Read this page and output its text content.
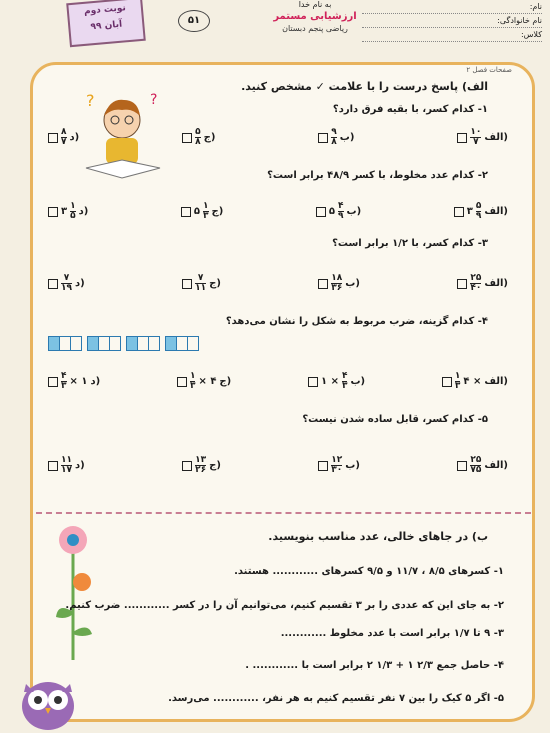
نوبت دوم
آبان ۹۹	۵۱
به نام خدا
ارزشیابی مستمر
ریاضی پنجم دبستان
نام:
نام خانوادگی:
کلاس:
صفحات فصل ۲
?	?
الف) پاسخ درست را با علامت ✓ مشخص کنید.
۱- کدام کسر، با بقیه فرق دارد؟
الف)
$\frac{۱۰}{۷}$
ب)
$\frac{۹}{۸}$
ج)
$\frac{۵}{۸}$
د)
$\frac{۸}{۷}$
۲- کدام عدد مخلوط، با کسر ۴۸/۹ برابر است؟
الف)
$\frac{۵}{۹}$
۳
ب)
$\frac{۴}{۹}$
۵
ج)
$\frac{۱}{۳}$
۵
د)
$\frac{۱}{۵}$
۳
۳- کدام کسر، با ۱/۲ برابر است؟
الف)
$\frac{۲۵}{۴۰}$
ب)
$\frac{۱۸}{۳۶}$
ج)
$\frac{۷}{۱۱}$
د)
$\frac{۷}{۱۹}$
۴- کدام گزینه، ضرب مربوط به شکل را نشان می‌دهد؟
الف)
۴ ×
$\frac{۱}{۳}$
ب)
$\frac{۴}{۳}$
۱ ×
ج)
× ۴
$\frac{۱}{۳}$
د)
× ۱
$\frac{۴}{۳}$
۵- کدام کسر، قابل ساده شدن نیست؟
الف)
$\frac{۲۵}{۷۵}$
ب)
$\frac{۱۲}{۳۰}$
ج)
$\frac{۱۳}{۲۶}$
د)
$\frac{۱۱}{۱۷}$
ب) در جاهای خالی، عدد مناسب بنویسید.
۱- کسرهای ۸/۵ ، ۱۱/۷ و ۹/۵ کسرهای ............ هستند.
۲- به جای این که عددی را بر ۳ تقسیم کنیم، می‌توانیم آن را در کسر ............ ضرب کنیم.
۳- ۹ تا ۱/۷ برابر است با عدد مخلوط ............
۴- حاصل جمع ۲/۳ ۱ + ۱/۳ ۲ برابر است با ............ .
۵- اگر ۵ کیک را بین ۷ نفر تقسیم کنیم به هر نفر، ............ می‌رسد.
